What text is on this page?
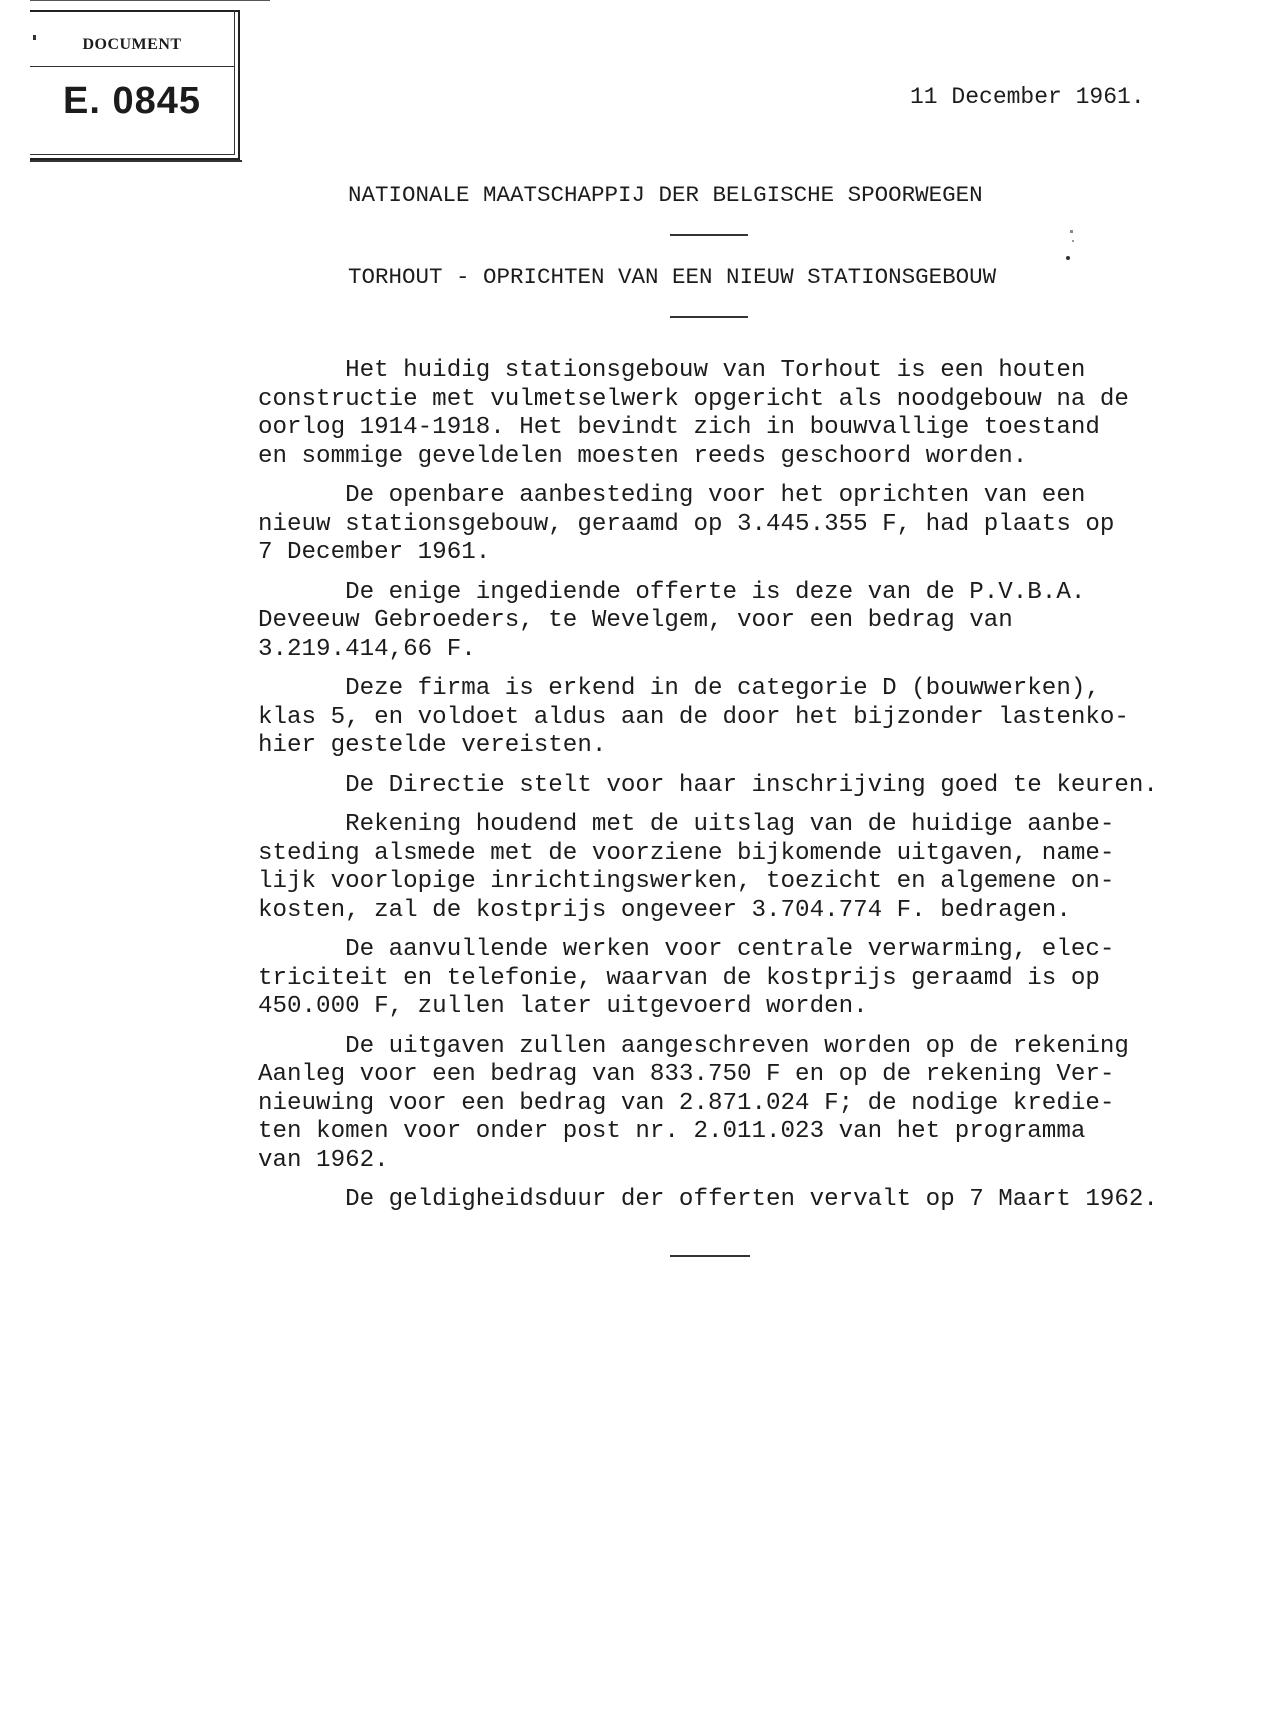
DOCUMENT
E. 0845	11 December 1961.
NATIONALE MAATSCHAPPIJ DER BELGISCHE SPOORWEGEN
TORHOUT - OPRICHTEN VAN EEN NIEUW STATIONSGEBOUW
Het huidig stationsgebouw van Torhout is een houten
constructie met vulmetselwerk opgericht als noodgebouw na de
oorlog 1914-1918. Het bevindt zich in bouwvallige toestand
en sommige geveldelen moesten reeds geschoord worden.
De openbare aanbesteding voor het oprichten van een
nieuw stationsgebouw, geraamd op 3.445.355 F, had plaats op
7 December 1961.
De enige ingediende offerte is deze van de P.V.B.A.
Deveeuw Gebroeders, te Wevelgem, voor een bedrag van
3.219.414,66 F.
Deze firma is erkend in de categorie D (bouwwerken),
klas 5, en voldoet aldus aan de door het bijzonder lastenko-
hier gestelde vereisten.
De Directie stelt voor haar inschrijving goed te keuren.
Rekening houdend met de uitslag van de huidige aanbe-
steding alsmede met de voorziene bijkomende uitgaven, name-
lijk voorlopige inrichtingswerken, toezicht en algemene on-
kosten, zal de kostprijs ongeveer 3.704.774 F. bedragen.
De aanvullende werken voor centrale verwarming, elec-
triciteit en telefonie, waarvan de kostprijs geraamd is op
450.000 F, zullen later uitgevoerd worden.
De uitgaven zullen aangeschreven worden op de rekening
Aanleg voor een bedrag van 833.750 F en op de rekening Ver-
nieuwing voor een bedrag van 2.871.024 F; de nodige kredie-
ten komen voor onder post nr. 2.011.023 van het programma
van 1962.
De geldigheidsduur der offerten vervalt op 7 Maart 1962.
